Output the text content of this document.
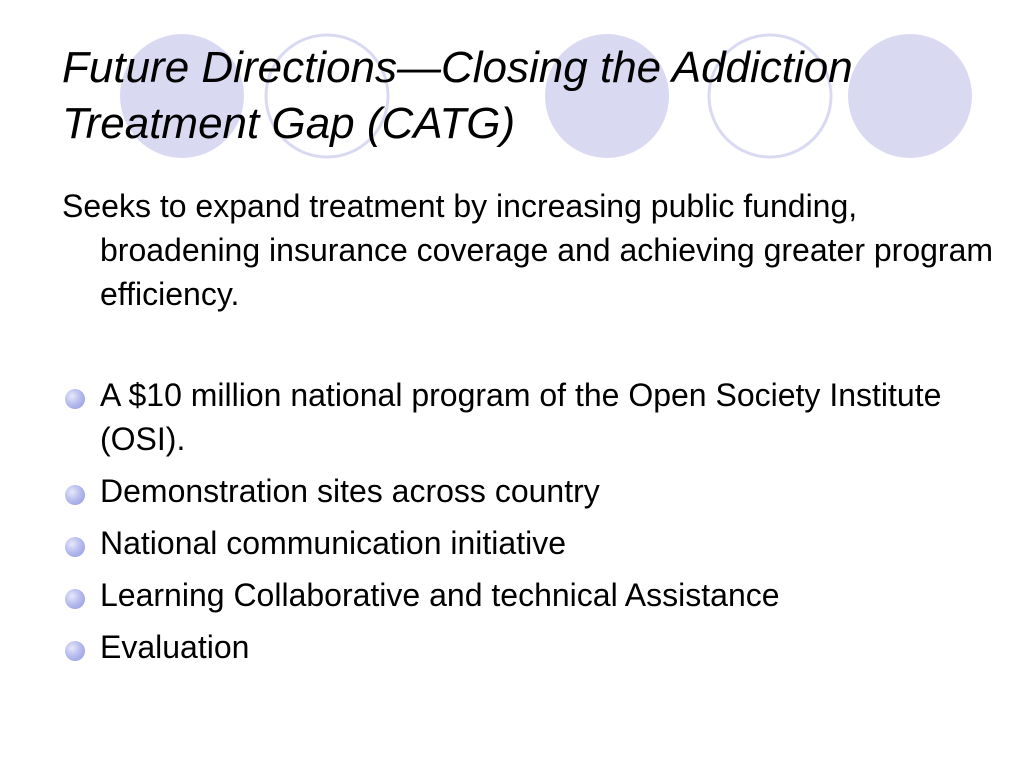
Future Directions—Closing the Addiction
Treatment Gap (CATG)

Seeks to expand treatment by increasing public funding, broadening insurance coverage and achieving greater program efficiency.

A $10 million national program of the Open Society Institute (OSI).
Demonstration sites across country
National communication initiative
Learning Collaborative and technical Assistance
Evaluation
